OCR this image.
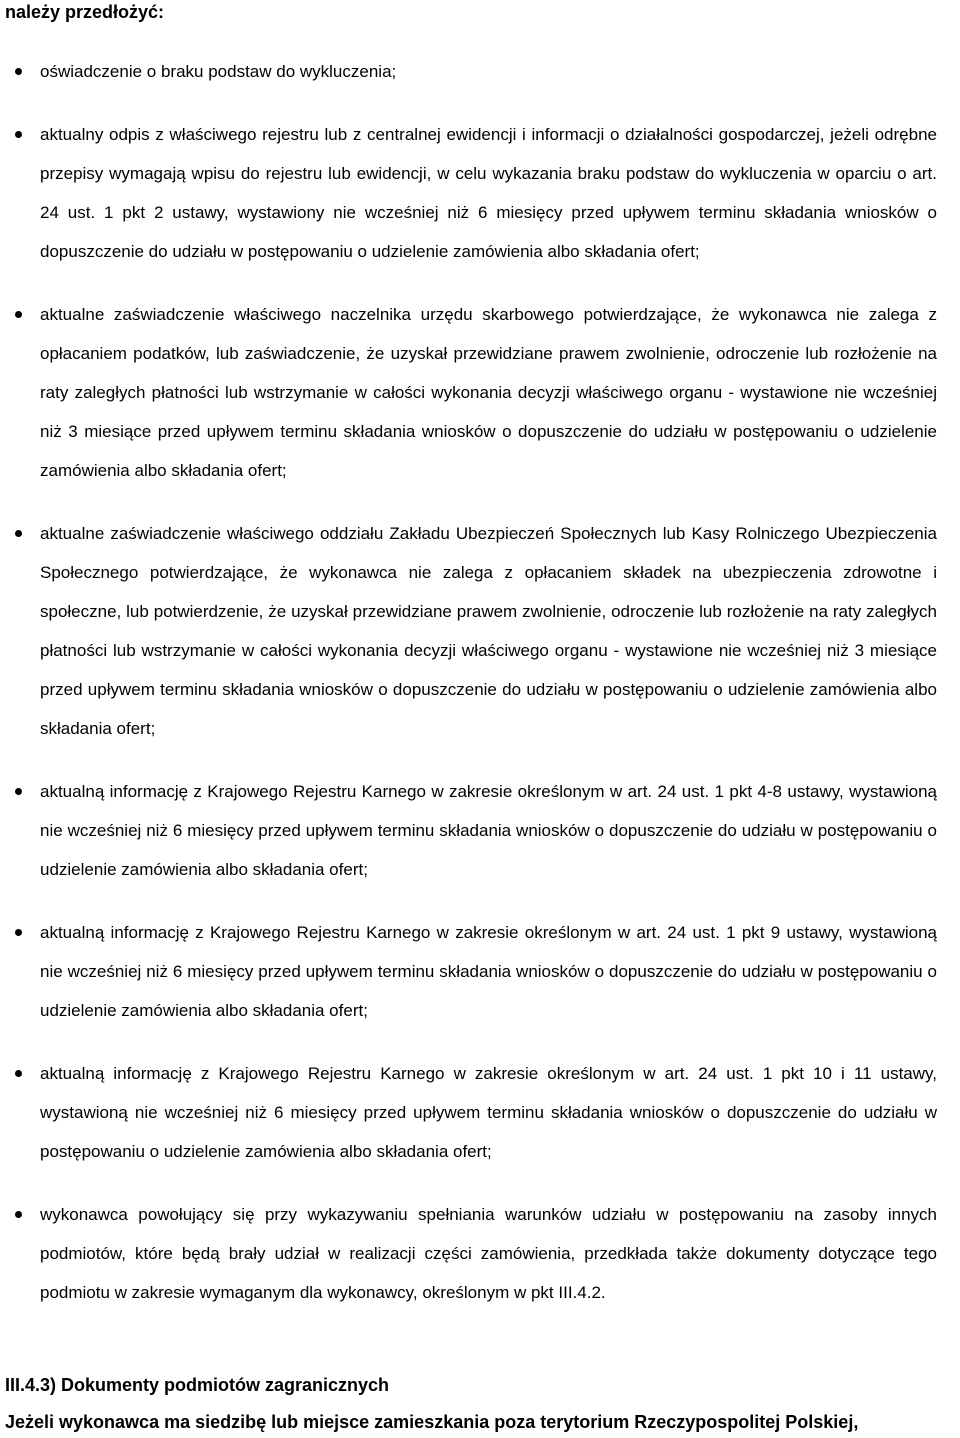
należy przedłożyć:
oświadczenie o braku podstaw do wykluczenia;
aktualny odpis z właściwego rejestru lub z centralnej ewidencji i informacji o działalności gospodarczej, jeżeli odrębne przepisy wymagają wpisu do rejestru lub ewidencji, w celu wykazania braku podstaw do wykluczenia w oparciu o art. 24 ust. 1 pkt 2 ustawy, wystawiony nie wcześniej niż 6 miesięcy przed upływem terminu składania wniosków o dopuszczenie do udziału w postępowaniu o udzielenie zamówienia albo składania ofert;
aktualne zaświadczenie właściwego naczelnika urzędu skarbowego potwierdzające, że wykonawca nie zalega z opłacaniem podatków, lub zaświadczenie, że uzyskał przewidziane prawem zwolnienie, odroczenie lub rozłożenie na raty zaległych płatności lub wstrzymanie w całości wykonania decyzji właściwego organu - wystawione nie wcześniej niż 3 miesiące przed upływem terminu składania wniosków o dopuszczenie do udziału w postępowaniu o udzielenie zamówienia albo składania ofert;
aktualne zaświadczenie właściwego oddziału Zakładu Ubezpieczeń Społecznych lub Kasy Rolniczego Ubezpieczenia Społecznego potwierdzające, że wykonawca nie zalega z opłacaniem składek na ubezpieczenia zdrowotne i społeczne, lub potwierdzenie, że uzyskał przewidziane prawem zwolnienie, odroczenie lub rozłożenie na raty zaległych płatności lub wstrzymanie w całości wykonania decyzji właściwego organu - wystawione nie wcześniej niż 3 miesiące przed upływem terminu składania wniosków o dopuszczenie do udziału w postępowaniu o udzielenie zamówienia albo składania ofert;
aktualną informację z Krajowego Rejestru Karnego w zakresie określonym w art. 24 ust. 1 pkt 4-8 ustawy, wystawioną nie wcześniej niż 6 miesięcy przed upływem terminu składania wniosków o dopuszczenie do udziału w postępowaniu o udzielenie zamówienia albo składania ofert;
aktualną informację z Krajowego Rejestru Karnego w zakresie określonym w art. 24 ust. 1 pkt 9 ustawy, wystawioną nie wcześniej niż 6 miesięcy przed upływem terminu składania wniosków o dopuszczenie do udziału w postępowaniu o udzielenie zamówienia albo składania ofert;
aktualną informację z Krajowego Rejestru Karnego w zakresie określonym w art. 24 ust. 1 pkt 10 i 11 ustawy, wystawioną nie wcześniej niż 6 miesięcy przed upływem terminu składania wniosków o dopuszczenie do udziału w postępowaniu o udzielenie zamówienia albo składania ofert;
wykonawca powołujący się przy wykazywaniu spełniania warunków udziału w postępowaniu na zasoby innych podmiotów, które będą brały udział w realizacji części zamówienia, przedkłada także dokumenty dotyczące tego podmiotu w zakresie wymaganym dla wykonawcy, określonym w pkt III.4.2.
III.4.3) Dokumenty podmiotów zagranicznych
Jeżeli wykonawca ma siedzibę lub miejsce zamieszkania poza terytorium Rzeczypospolitej Polskiej,
